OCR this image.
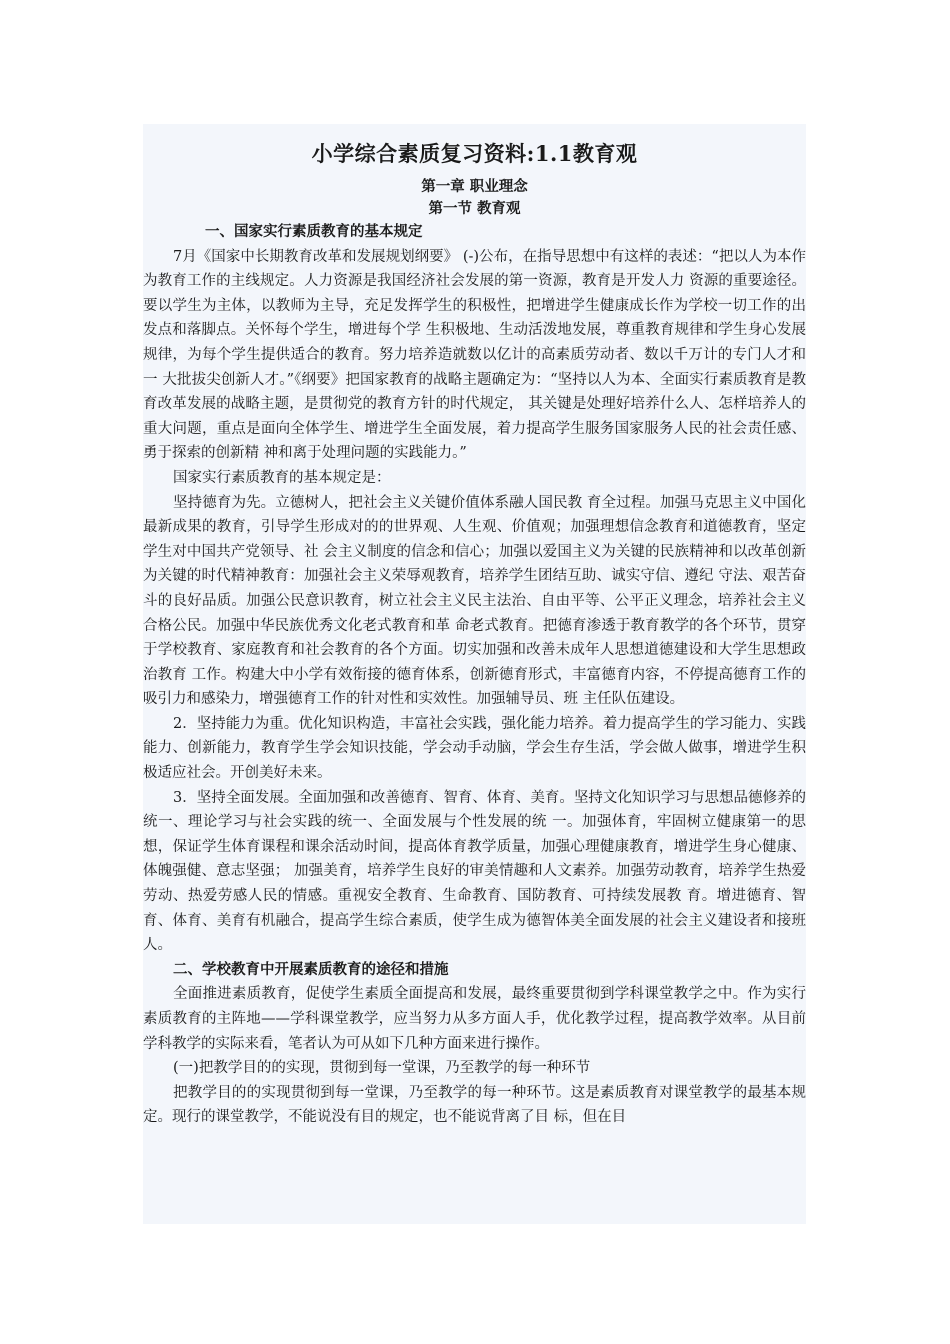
小学综合素质复习资料:1.1教育观
第一章 职业理念
第一节 教育观
一、国家实行素质教育的基本规定

7月《国家中长期教育改革和发展规划纲要》 (-)公布，在指导思想中有这样的表述：“把以人为本作为教育工作的主线规定。人力资源是我国经济社会发展的第一资源，教育是开发人力 资源的重要途径。要以学生为主体，以教师为主导，充足发挥学生的积极性，把增进学生健康成长作为学校一切工作的出发点和落脚点。关怀每个学生，增进每个学 生积极地、生动活泼地发展，尊重教育规律和学生身心发展规律，为每个学生提供适合的教育。努力培养造就数以亿计的高素质劳动者、数以千万计的专门人才和一 大批拔尖创新人才。”《纲要》把国家教育的战略主题确定为：“坚持以人为本、全面实行素质教育是教育改革发展的战略主题，是贯彻党的教育方针的时代规定， 其关键是处理好培养什么人、怎样培养人的重大问题，重点是面向全体学生、增进学生全面发展，着力提高学生服务国家服务人民的社会责任感、勇于探索的创新精 神和离于处理问题的实践能力。”

国家实行素质教育的基本规定是：

坚持德育为先。立德树人，把社会主义关键价值体系融人国民教 育全过程。加强马克思主义中国化最新成果的教育，引导学生形成对的的世界观、人生观、价值观；加强理想信念教育和道德教育，坚定学生对中国共产党领导、社 会主义制度的信念和信心；加强以爱国主义为关键的民族精神和以改革创新为关键的时代精神教育：加强社会主义荣辱观教育，培养学生团结互助、诚实守信、遵纪 守法、艰苦奋斗的良好品质。加强公民意识教育，树立社会主义民主法治、自由平等、公平正义理念，培养社会主义合格公民。加强中华民族优秀文化老式教育和革 命老式教育。把德育渗透于教育教学的各个环节，贯穿于学校教育、家庭教育和社会教育的各个方面。切实加强和改善未成年人思想道德建设和大学生思想政治教育 工作。构建大中小学有效衔接的德育体系，创新德育形式，丰富德育内容，不停提高德育工作的吸引力和感染力，增强德育工作的针对性和实效性。加强辅导员、班 主任队伍建设。

2．坚持能力为重。优化知识构造，丰富社会实践，强化能力培养。着力提高学生的学习能力、实践能力、创新能力，教育学生学会知识技能，学会动手动脑，学会生存生活，学会做人做事，增进学生积极适应社会。开创美好未来。

3．坚持全面发展。全面加强和改善德育、智育、体育、美育。坚持文化知识学习与思想品德修养的统一、理论学习与社会实践的统一、全面发展与个性发展的统 一。加强体育，牢固树立健康第一的思想，保证学生体育课程和课余活动时间，提高体育教学质量，加强心理健康教育，增进学生身心健康、体魄强健、意志坚强； 加强美育，培养学生良好的审美情趣和人文素养。加强劳动教育，培养学生热爱劳动、热爱劳感人民的情感。重视安全教育、生命教育、国防教育、可持续发展教 育。增进德育、智育、体育、美育有机融合，提高学生综合素质，使学生成为德智体美全面发展的社会主义建设者和接班人。

二、学校教育中开展素质教育的途径和措施

全面推进素质教育，促使学生素质全面提高和发展，最终重要贯彻到学科课堂教学之中。作为实行素质教育的主阵地——学科课堂教学，应当努力从多方面人手，优化教学过程，提高教学效率。从目前学科教学的实际来看，笔者认为可从如下几种方面来进行操作。

(一)把教学目的的实现，贯彻到每一堂课，乃至教学的每一种环节

把教学目的的实现贯彻到每一堂课，乃至教学的每一种环节。这是素质教育对课堂教学的最基本规定。现行的课堂教学，不能说没有目的规定，也不能说背离了目 标，但在目
